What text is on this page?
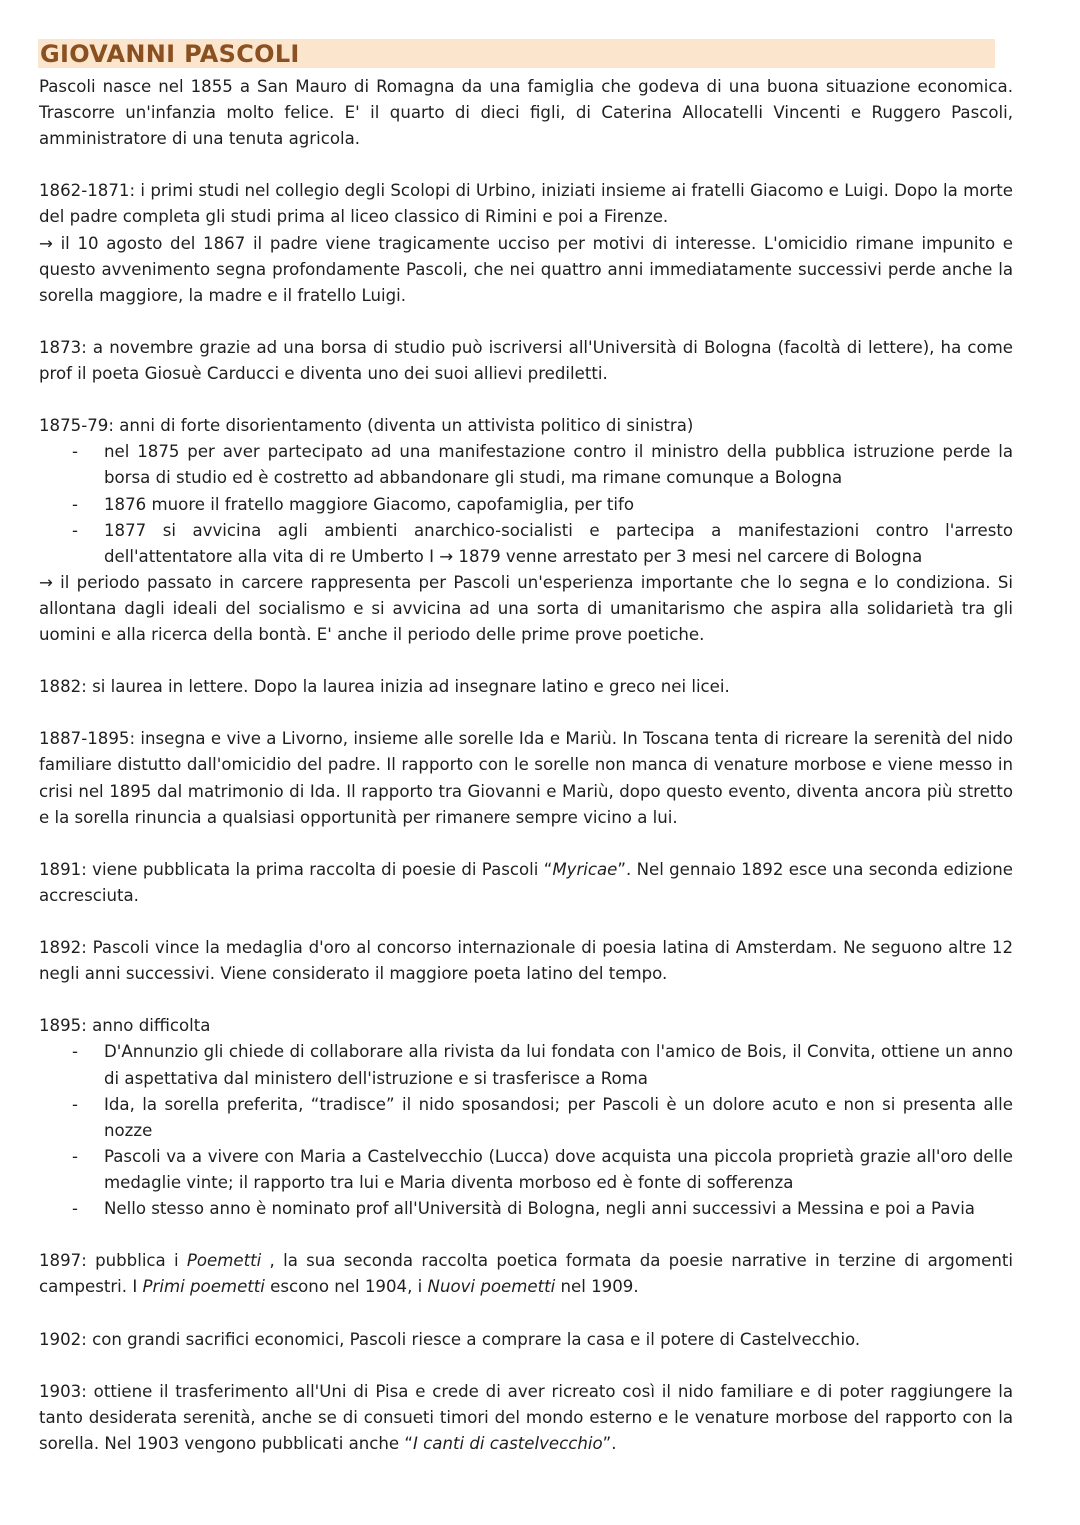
GIOVANNI PASCOLI

Pascoli nasce nel 1855 a San Mauro di Romagna da una famiglia che godeva di una buona situazione economica. Trascorre un'infanzia molto felice. E' il quarto di dieci figli, di Caterina Allocatelli Vincenti e Ruggero Pascoli, amministratore di una tenuta agricola.

1862-1871: i primi studi nel collegio degli Scolopi di Urbino, iniziati insieme ai fratelli Giacomo e Luigi. Dopo la morte del padre completa gli studi prima al liceo classico di Rimini e poi a Firenze.

→ il 10 agosto del 1867 il padre viene tragicamente ucciso per motivi di interesse. L'omicidio rimane impunito e questo avvenimento segna profondamente Pascoli, che nei quattro anni immediatamente successivi perde anche la sorella maggiore, la madre e il fratello Luigi.

1873: a novembre grazie ad una borsa di studio può iscriversi all'Università di Bologna (facoltà di lettere), ha come prof il poeta Giosuè Carducci e diventa uno dei suoi allievi prediletti.

1875-79: anni di forte disorientamento (diventa un attivista politico di sinistra)

- nel 1875 per aver partecipato ad una manifestazione contro il ministro della pubblica istruzione perde la borsa di studio ed è costretto ad abbandonare gli studi, ma rimane comunque a Bologna
- 1876 muore il fratello maggiore Giacomo, capofamiglia, per tifo
- 1877 si avvicina agli ambienti anarchico-socialisti e partecipa a manifestazioni contro l'arresto dell'attentatore alla vita di re Umberto I → 1879 venne arrestato per 3 mesi nel carcere di Bologna

→ il periodo passato in carcere rappresenta per Pascoli un'esperienza importante che lo segna e lo condiziona. Si allontana dagli ideali del socialismo e si avvicina ad una sorta di umanitarismo che aspira alla solidarietà tra gli uomini e alla ricerca della bontà. E' anche il periodo delle prime prove poetiche.

1882: si laurea in lettere. Dopo la laurea inizia ad insegnare latino e greco nei licei.

1887-1895: insegna e vive a Livorno, insieme alle sorelle Ida e Mariù. In Toscana tenta di ricreare la serenità del nido familiare distutto dall'omicidio del padre. Il rapporto con le sorelle non manca di venature morbose e viene messo in crisi nel 1895 dal matrimonio di Ida. Il rapporto tra Giovanni e Mariù, dopo questo evento, diventa ancora più stretto e la sorella rinuncia a qualsiasi opportunità per rimanere sempre vicino a lui.

1891: viene pubblicata la prima raccolta di poesie di Pascoli “Myricae”. Nel gennaio 1892 esce una seconda edizione accresciuta.

1892: Pascoli vince la medaglia d'oro al concorso internazionale di poesia latina di Amsterdam. Ne seguono altre 12 negli anni successivi. Viene considerato il maggiore poeta latino del tempo.

1895: anno difficolta

- D'Annunzio gli chiede di collaborare alla rivista da lui fondata con l'amico de Bois, il Convita, ottiene un anno di aspettativa dal ministero dell'istruzione e si trasferisce a Roma
- Ida, la sorella preferita, “tradisce” il nido sposandosi; per Pascoli è un dolore acuto e non si presenta alle nozze
- Pascoli va a vivere con Maria a Castelvecchio (Lucca) dove acquista una piccola proprietà grazie all'oro delle medaglie vinte; il rapporto tra lui e Maria diventa morboso ed è fonte di sofferenza
- Nello stesso anno è nominato prof all'Università di Bologna, negli anni successivi a Messina e poi a Pavia

1897: pubblica i Poemetti , la sua seconda raccolta poetica formata da poesie narrative in terzine di argomenti campestri. I Primi poemetti escono nel 1904, i Nuovi poemetti nel 1909.

1902: con grandi sacrifici economici, Pascoli riesce a comprare la casa e il potere di Castelvecchio.

1903: ottiene il trasferimento all'Uni di Pisa e crede di aver ricreato così il nido familiare e di poter raggiungere la tanto desiderata serenità, anche se di consueti timori del mondo esterno e le venature morbose del rapporto con la sorella. Nel 1903 vengono pubblicati anche “I canti di castelvecchio”.
